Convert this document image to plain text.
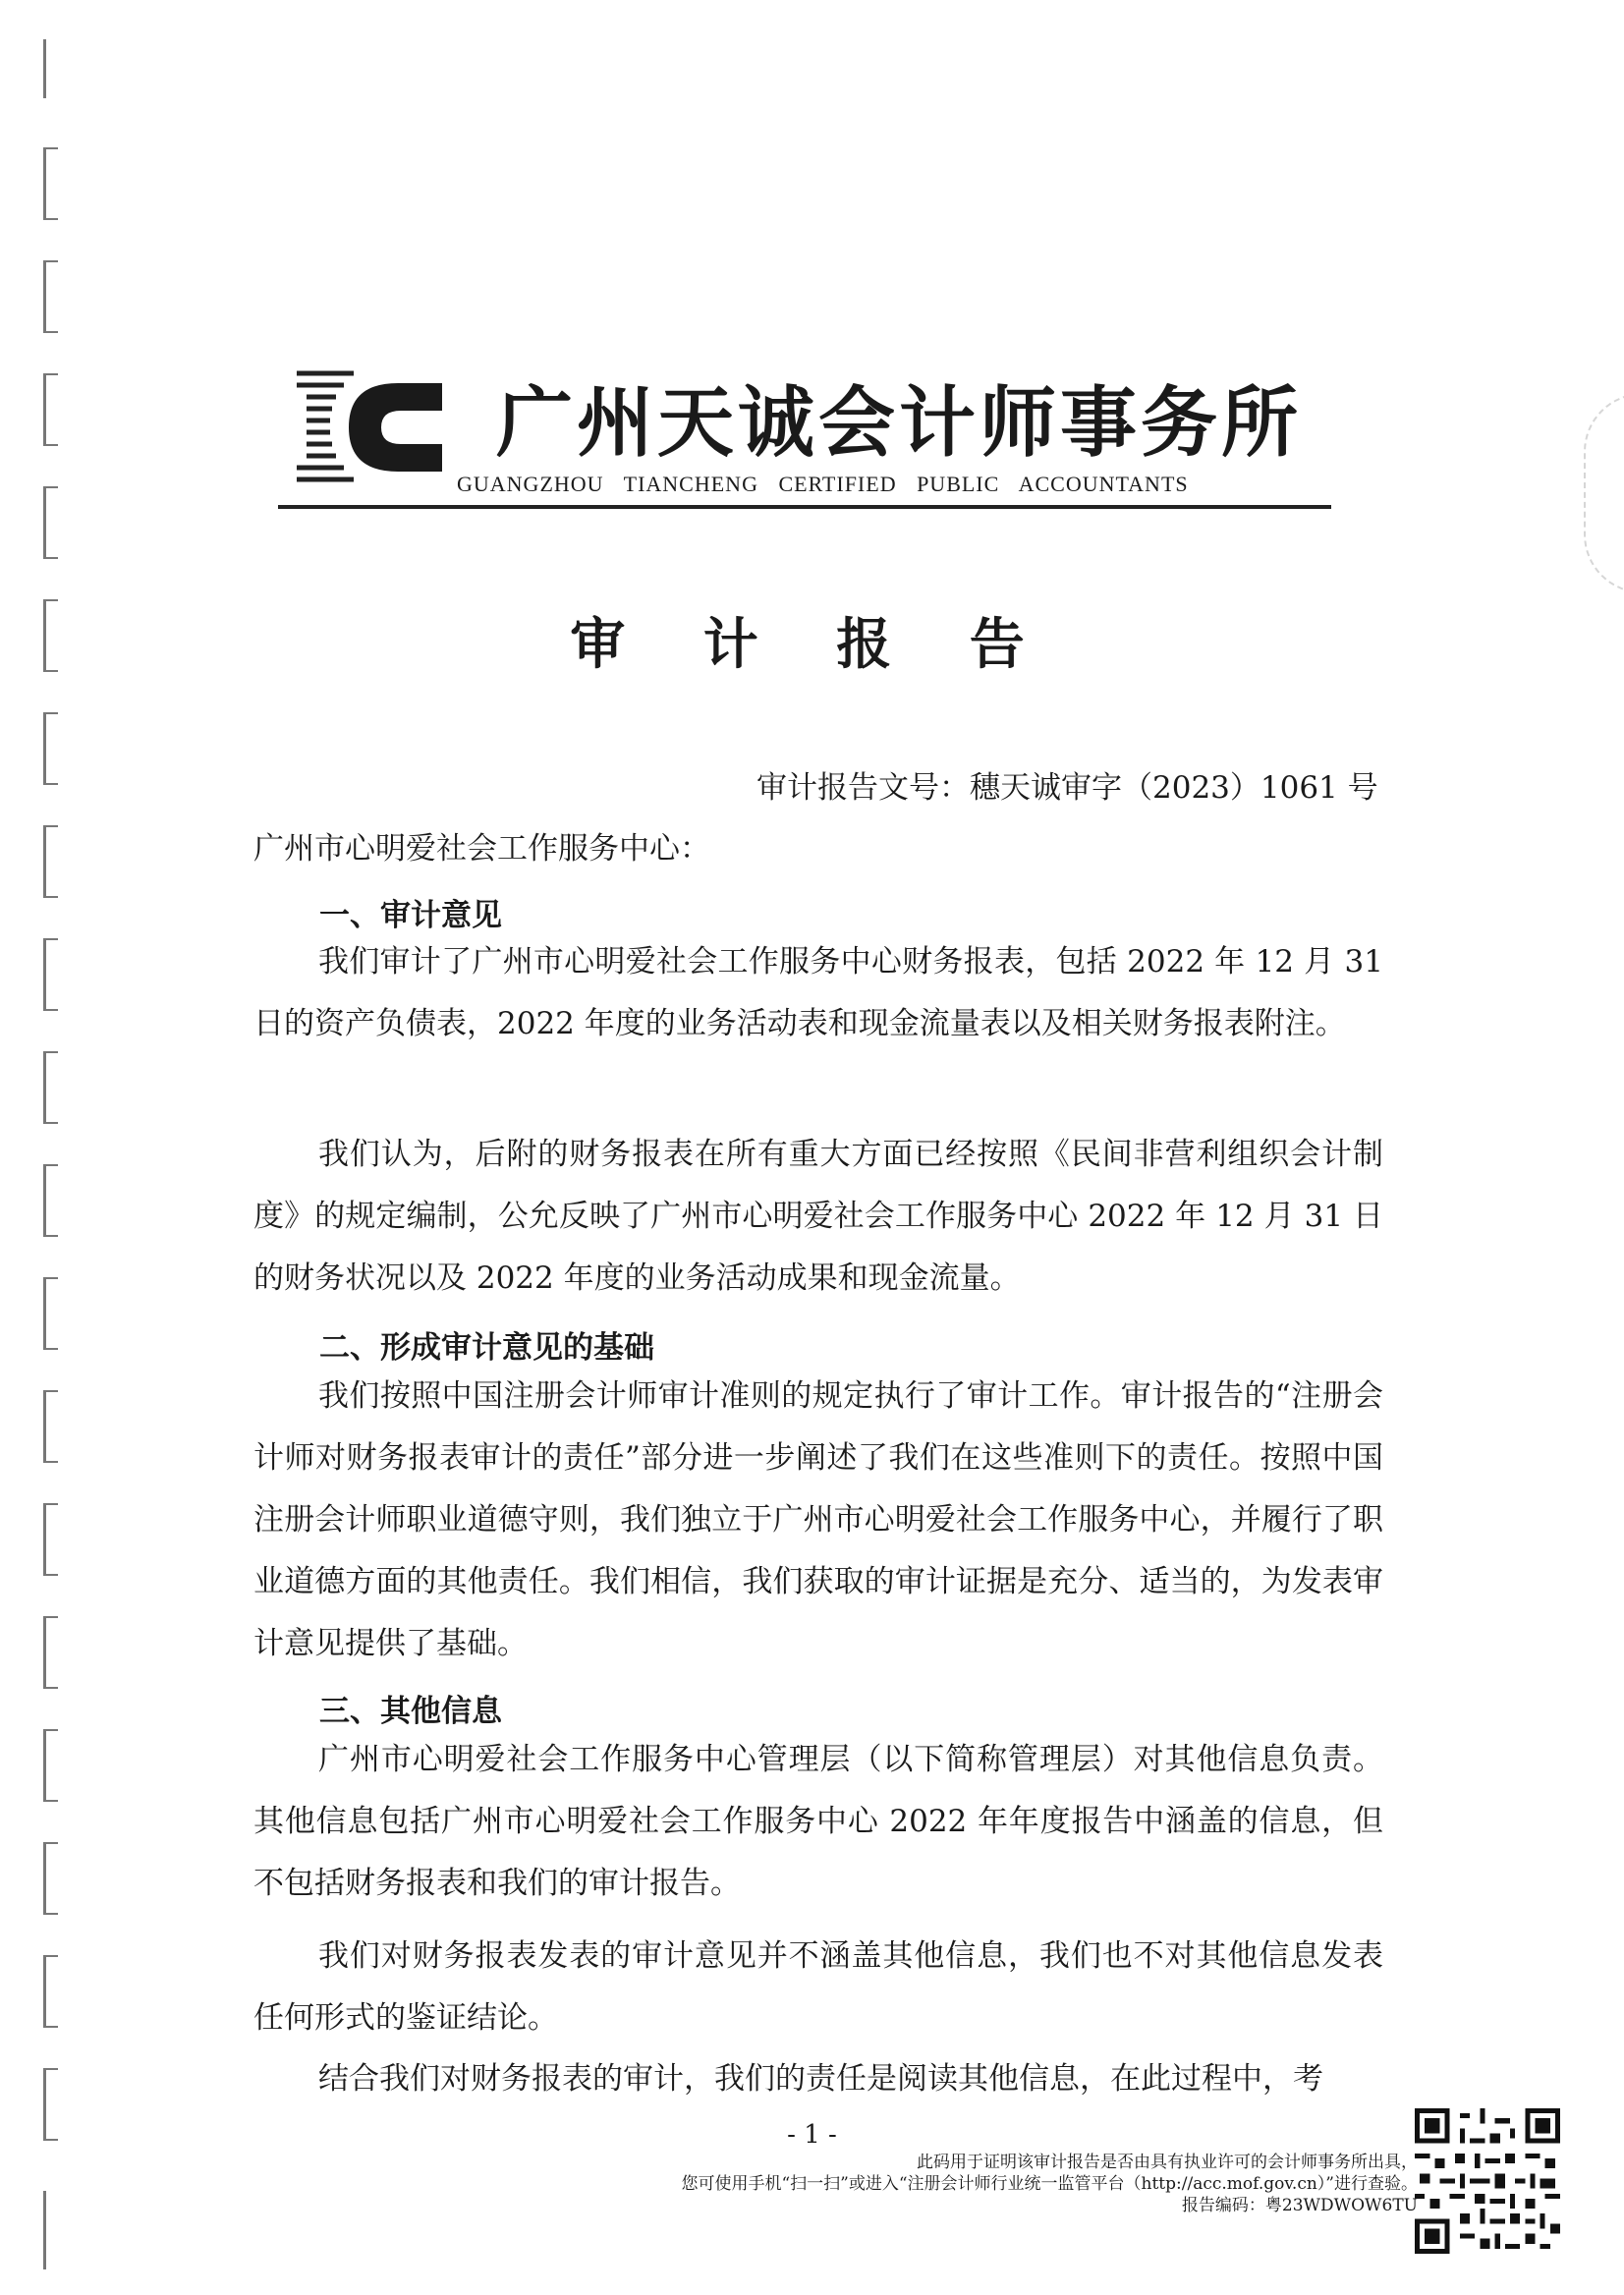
广州天诚会计师事务所
GUANGZHOU TIANCHENG CERTIFIED PUBLIC ACCOUNTANTS
审 计 报 告
审计报告文号：穗天诚审字（2023）1061 号
广州市心明爱社会工作服务中心：
一、审计意见
我们审计了广州市心明爱社会工作服务中心财务报表，包括 2022 年 12 月 31 日的资产负债表，2022 年度的业务活动表和现金流量表以及相关财务报表附注。
我们认为，后附的财务报表在所有重大方面已经按照《民间非营利组织会计制度》的规定编制，公允反映了广州市心明爱社会工作服务中心 2022 年 12 月 31 日的财务状况以及 2022 年度的业务活动成果和现金流量。
二、形成审计意见的基础
我们按照中国注册会计师审计准则的规定执行了审计工作。审计报告的“注册会计师对财务报表审计的责任”部分进一步阐述了我们在这些准则下的责任。按照中国注册会计师职业道德守则，我们独立于广州市心明爱社会工作服务中心，并履行了职业道德方面的其他责任。我们相信，我们获取的审计证据是充分、适当的，为发表审计意见提供了基础。
三、其他信息
广州市心明爱社会工作服务中心管理层（以下简称管理层）对其他信息负责。其他信息包括广州市心明爱社会工作服务中心 2022 年年度报告中涵盖的信息，但不包括财务报表和我们的审计报告。
我们对财务报表发表的审计意见并不涵盖其他信息，我们也不对其他信息发表任何形式的鉴证结论。
结合我们对财务报表的审计，我们的责任是阅读其他信息，在此过程中，考
- 1 -
此码用于证明该审计报告是否由具有执业许可的会计师事务所出具，
您可使用手机“扫一扫”或进入“注册会计师行业统一监管平台（http://acc.mof.gov.cn）”进行查验。
报告编码：粤23WDWOW6TU
